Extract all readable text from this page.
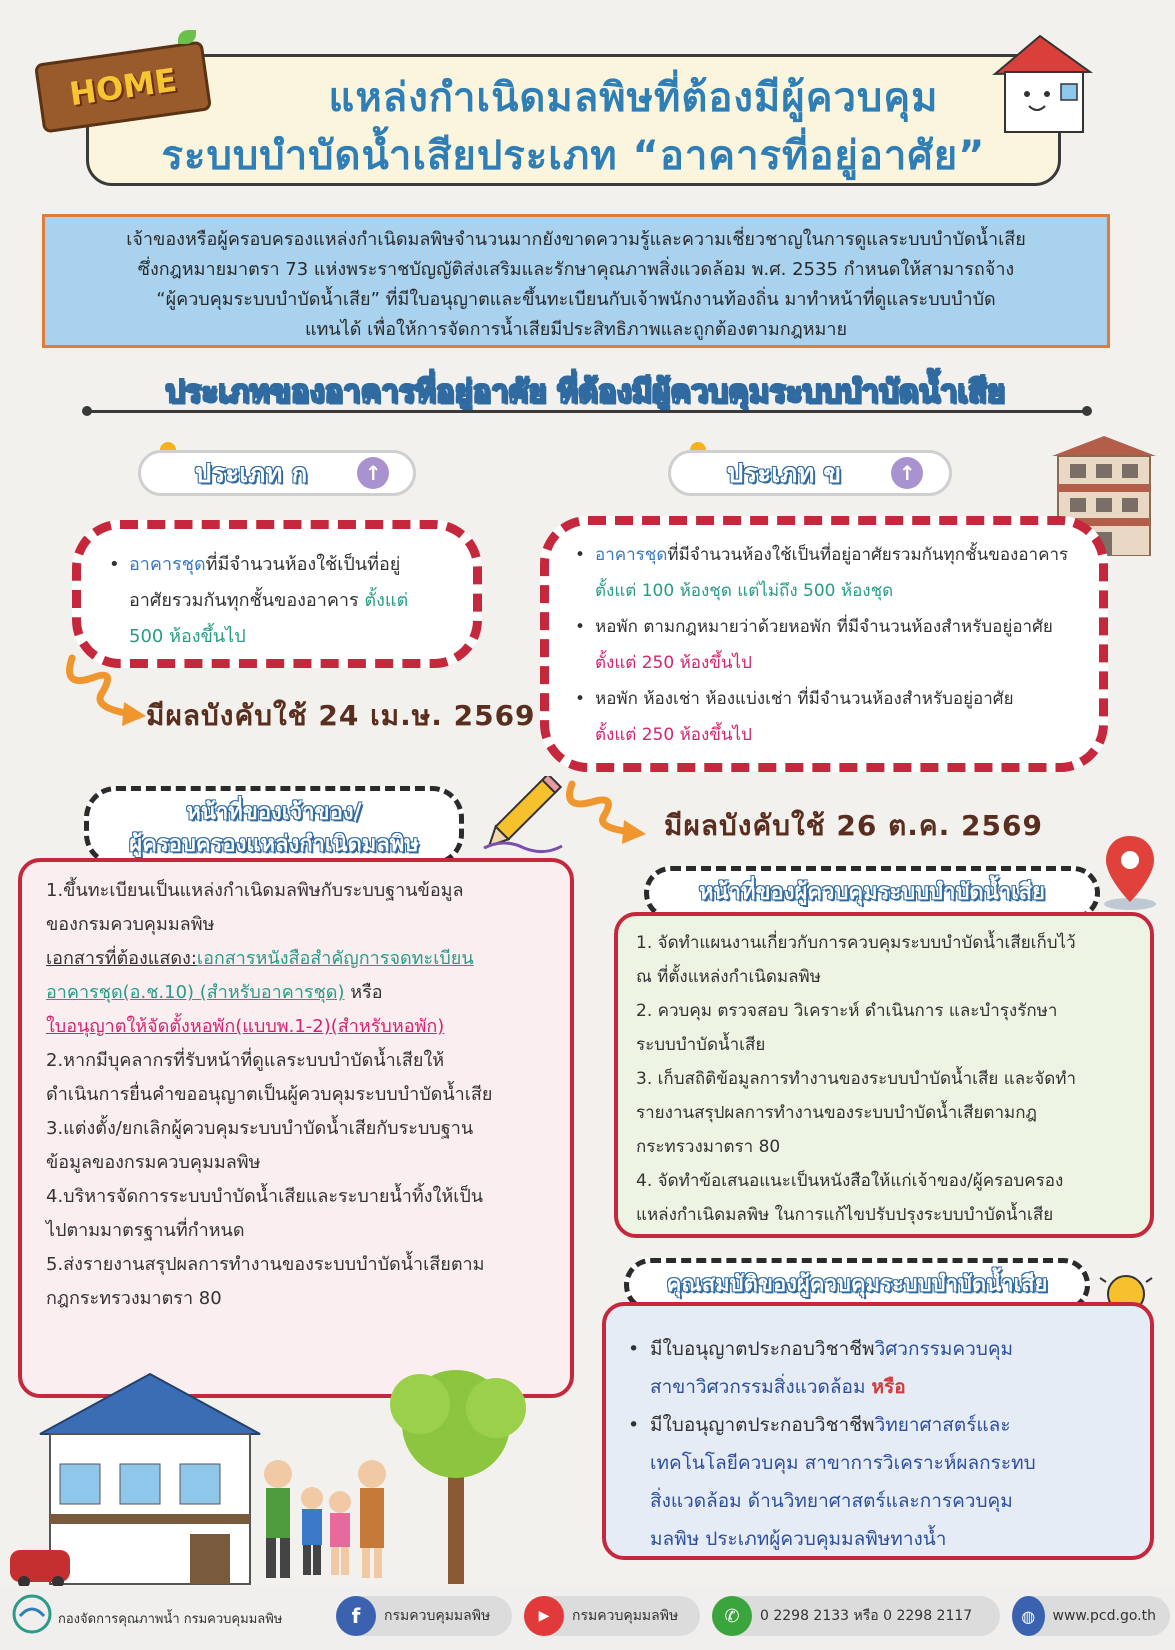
แหล่งกำเนิดมลพิษที่ต้องมีผู้ควบคุม
ระบบบำบัดน้ำเสียประเภท “อาคารที่อยู่อาศัย”
HOME
เจ้าของหรือผู้ครอบครองแหล่งกำเนิดมลพิษจำนวนมากยังขาดความรู้และความเชี่ยวชาญในการดูแลระบบบำบัดน้ำเสีย
ซึ่งกฎหมายมาตรา 73 แห่งพระราชบัญญัติส่งเสริมและรักษาคุณภาพสิ่งแวดล้อม พ.ศ. 2535 กำหนดให้สามารถจ้าง
“ผู้ควบคุมระบบบำบัดน้ำเสีย” ที่มีใบอนุญาตและขึ้นทะเบียนกับเจ้าพนักงานท้องถิ่น มาทำหน้าที่ดูแลระบบบำบัด
แทนได้ เพื่อให้การจัดการน้ำเสียมีประสิทธิภาพและถูกต้องตามกฎหมาย
ประเภทของอาคารที่อยู่อาศัย ที่ต้องมีผู้ควบคุมระบบบำบัดน้ำเสีย
ประเภท ก	↑	ประเภท ข	↑
• อาคารชุดที่มีจำนวนห้องใช้เป็นที่อยู่
อาศัยรวมกันทุกชั้นของอาคาร ตั้งแต่
500 ห้องขึ้นไป
มีผลบังคับใช้ 24 เม.ษ. 2569
• อาคารชุดที่มีจำนวนห้องใช้เป็นที่อยู่อาศัยรวมกันทุกชั้นของอาคาร
ตั้งแต่ 100 ห้องชุด แต่ไม่ถึง 500 ห้องชุด
• หอพัก ตามกฎหมายว่าด้วยหอพัก ที่มีจำนวนห้องสำหรับอยู่อาศัย
ตั้งแต่ 250 ห้องขึ้นไป
• หอพัก ห้องเช่า ห้องแบ่งเช่า ที่มีจำนวนห้องสำหรับอยู่อาศัย
ตั้งแต่ 250 ห้องขึ้นไป
มีผลบังคับใช้ 26 ต.ค. 2569
หน้าที่ของเจ้าของ/
ผู้ครอบครองแหล่งกำเนิดมลพิษ
1.ขึ้นทะเบียนเป็นแหล่งกำเนิดมลพิษกับระบบฐานข้อมูล
ของกรมควบคุมมลพิษ
เอกสารที่ต้องแสดง:เอกสารหนังสือสำคัญการจดทะเบียน
อาคารชุด(อ.ช.10) (สำหรับอาคารชุด) หรือ
ใบอนุญาตให้จัดตั้งหอพัก(แบบพ.1-2)(สำหรับหอพัก)
2.หากมีบุคลากรที่รับหน้าที่ดูแลระบบบำบัดน้ำเสียให้
ดำเนินการยื่นคำขออนุญาตเป็นผู้ควบคุมระบบบำบัดน้ำเสีย
3.แต่งตั้ง/ยกเลิกผู้ควบคุมระบบบำบัดน้ำเสียกับระบบฐาน
ข้อมูลของกรมควบคุมมลพิษ
4.บริหารจัดการระบบบำบัดน้ำเสียและระบายน้ำทิ้งให้เป็น
ไปตามมาตรฐานที่กำหนด
5.ส่งรายงานสรุปผลการทำงานของระบบบำบัดน้ำเสียตาม
กฎกระทรวงมาตรา 80
หน้าที่ของผู้ควบคุมระบบบำบัดน้ำเสีย
1. จัดทำแผนงานเกี่ยวกับการควบคุมระบบบำบัดน้ำเสียเก็บไว้
ณ ที่ตั้งแหล่งกำเนิดมลพิษ
2. ควบคุม ตรวจสอบ วิเคราะห์ ดำเนินการ และบำรุงรักษา
ระบบบำบัดน้ำเสีย
3. เก็บสถิติข้อมูลการทำงานของระบบบำบัดน้ำเสีย และจัดทำ
รายงานสรุปผลการทำงานของระบบบำบัดน้ำเสียตามกฎ
กระทรวงมาตรา 80
4. จัดทำข้อเสนอแนะเป็นหนังสือให้แก่เจ้าของ/ผู้ครอบครอง
แหล่งกำเนิดมลพิษ ในการแก้ไขปรับปรุงระบบบำบัดน้ำเสีย
คุณสมบัติของผู้ควบคุมระบบบำบัดน้ำเสีย
• มีใบอนุญาตประกอบวิชาชีพวิศวกรรมควบคุม
สาขาวิศวกรรมสิ่งแวดล้อม หรือ
• มีใบอนุญาตประกอบวิชาชีพวิทยาศาสตร์และ
เทคโนโลยีควบคุม สาขาการวิเคราะห์ผลกระทบ
สิ่งแวดล้อม ด้านวิทยาศาสตร์และการควบคุม
มลพิษ ประเภทผู้ควบคุมมลพิษทางน้ำ
กองจัดการคุณภาพน้ำ กรมควบคุมมลพิษ	f	กรมควบคุมมลพิษ	▶	กรมควบคุมมลพิษ	✆	0 2298 2133 หรือ 0 2298 2117	◍	www.pcd.go.th
